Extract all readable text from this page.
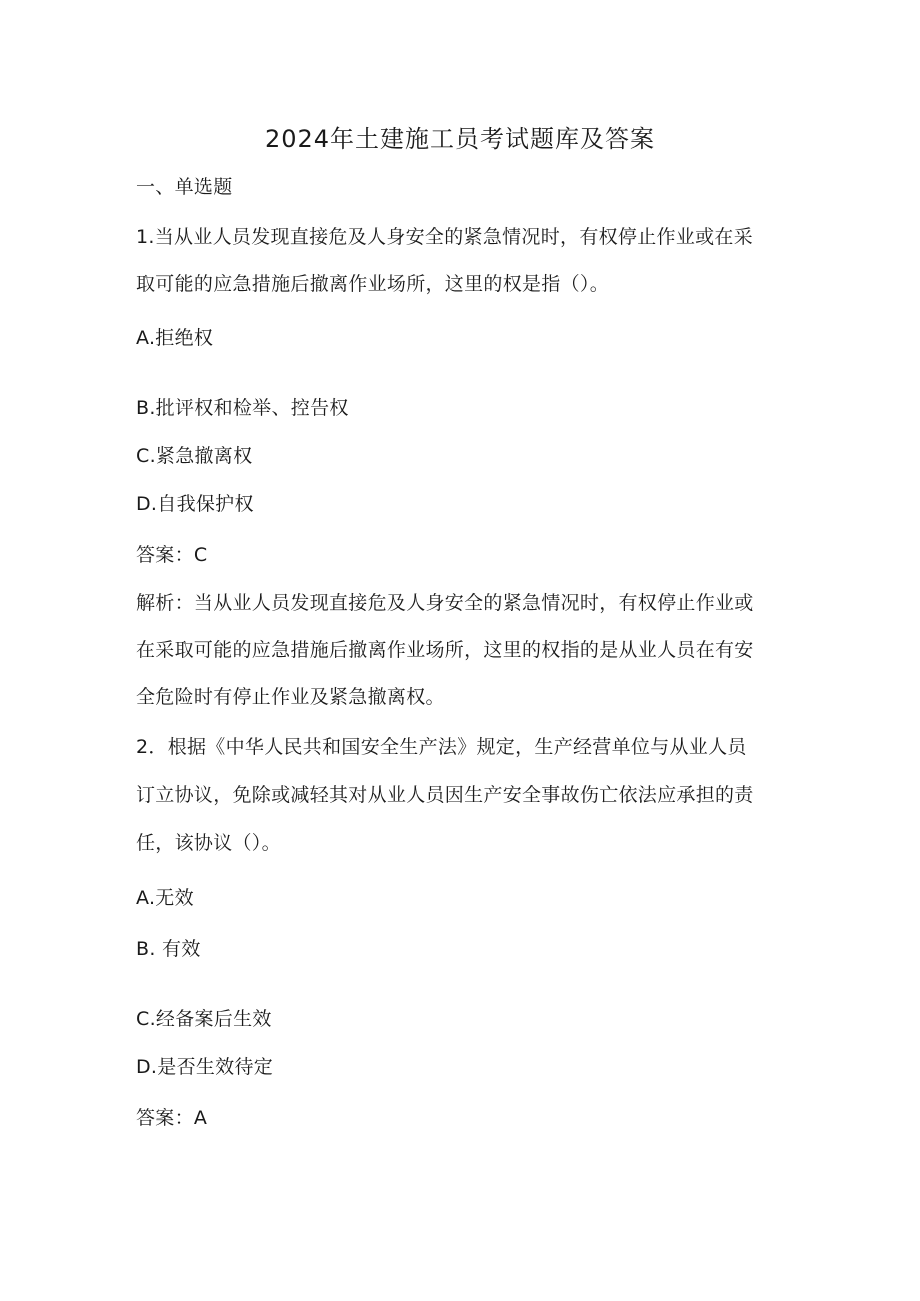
2024年土建施工员考试题库及答案
一、单选题
1.当从业人员发现直接危及人身安全的紧急情况时，有权停止作业或在采
取可能的应急措施后撤离作业场所，这里的权是指（）。
A.拒绝权
B.批评权和检举、控告权
C.紧急撤离权
D.自我保护权
答案：C
解析：当从业人员发现直接危及人身安全的紧急情况时，有权停止作业或
在采取可能的应急措施后撤离作业场所，这里的权指的是从业人员在有安
全危险时有停止作业及紧急撤离权。
2．根据《中华人民共和国安全生产法》规定，生产经营单位与从业人员
订立协议，免除或减轻其对从业人员因生产安全事故伤亡依法应承担的责
任，该协议（）。
A.无效
B. 有效
C.经备案后生效
D.是否生效待定
答案：A
